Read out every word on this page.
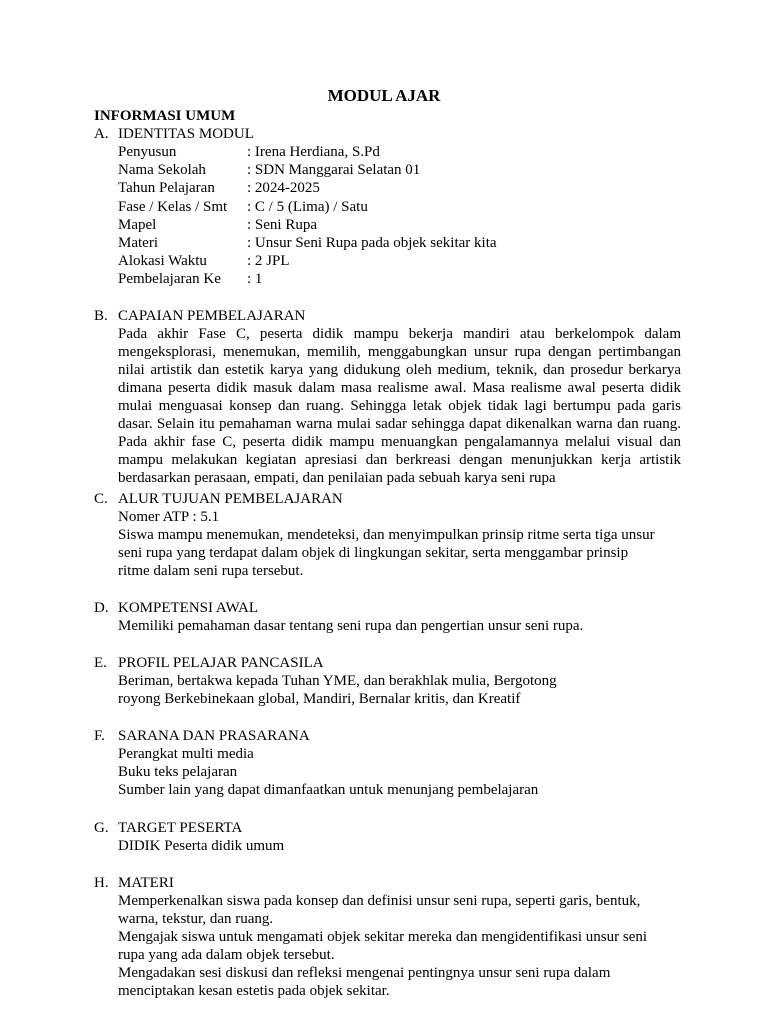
MODUL AJAR
INFORMASI UMUM
A. IDENTITAS MODUL
Penyusun	: Irena Herdiana, S.Pd
Nama Sekolah	: SDN Manggarai Selatan 01
Tahun Pelajaran : 2024-2025
Fase / Kelas / Smt : C / 5 (Lima) / Satu
Mapel	: Seni Rupa
Materi	: Unsur Seni Rupa pada objek sekitar kita
Alokasi Waktu	: 2 JPL
Pembelajaran Ke : 1
B. CAPAIAN PEMBELAJARAN
Pada akhir Fase C, peserta didik mampu bekerja mandiri atau berkelompok dalam mengeksplorasi, menemukan, memilih, menggabungkan unsur rupa dengan pertimbangan nilai artistik dan estetik karya yang didukung oleh medium, teknik, dan prosedur berkarya dimana peserta didik masuk dalam masa realisme awal. Masa realisme awal peserta didik mulai menguasai konsep dan ruang. Sehingga letak objek tidak lagi bertumpu pada garis dasar. Selain itu pemahaman warna mulai sadar sehingga dapat dikenalkan warna dan ruang. Pada akhir fase C, peserta didik mampu menuangkan pengalamannya melalui visual dan mampu melakukan kegiatan apresiasi dan berkreasi dengan menunjukkan kerja artistik berdasarkan perasaan, empati, dan penilaian pada sebuah karya seni rupa
C. ALUR TUJUAN PEMBELAJARAN
Nomer ATP : 5.1
Siswa mampu menemukan, mendeteksi, dan menyimpulkan prinsip ritme serta tiga unsur
seni rupa yang terdapat dalam objek di lingkungan sekitar, serta menggambar prinsip
ritme dalam seni rupa tersebut.
D. KOMPETENSI AWAL
Memiliki pemahaman dasar tentang seni rupa dan pengertian unsur seni rupa.
E. PROFIL PELAJAR PANCASILA
Beriman, bertakwa kepada Tuhan YME, dan berakhlak mulia, Bergotong
royong Berkebinekaan global, Mandiri, Bernalar kritis, dan Kreatif
F. SARANA DAN PRASARANA
Perangkat multi media
Buku teks pelajaran
Sumber lain yang dapat dimanfaatkan untuk menunjang pembelajaran
G. TARGET PESERTA
DIDIK Peserta didik umum
H. MATERI
Memperkenalkan siswa pada konsep dan definisi unsur seni rupa, seperti garis, bentuk,
warna, tekstur, dan ruang.
Mengajak siswa untuk mengamati objek sekitar mereka dan mengidentifikasi unsur seni
rupa yang ada dalam objek tersebut.
Mengadakan sesi diskusi dan refleksi mengenai pentingnya unsur seni rupa dalam
menciptakan kesan estetis pada objek sekitar.
